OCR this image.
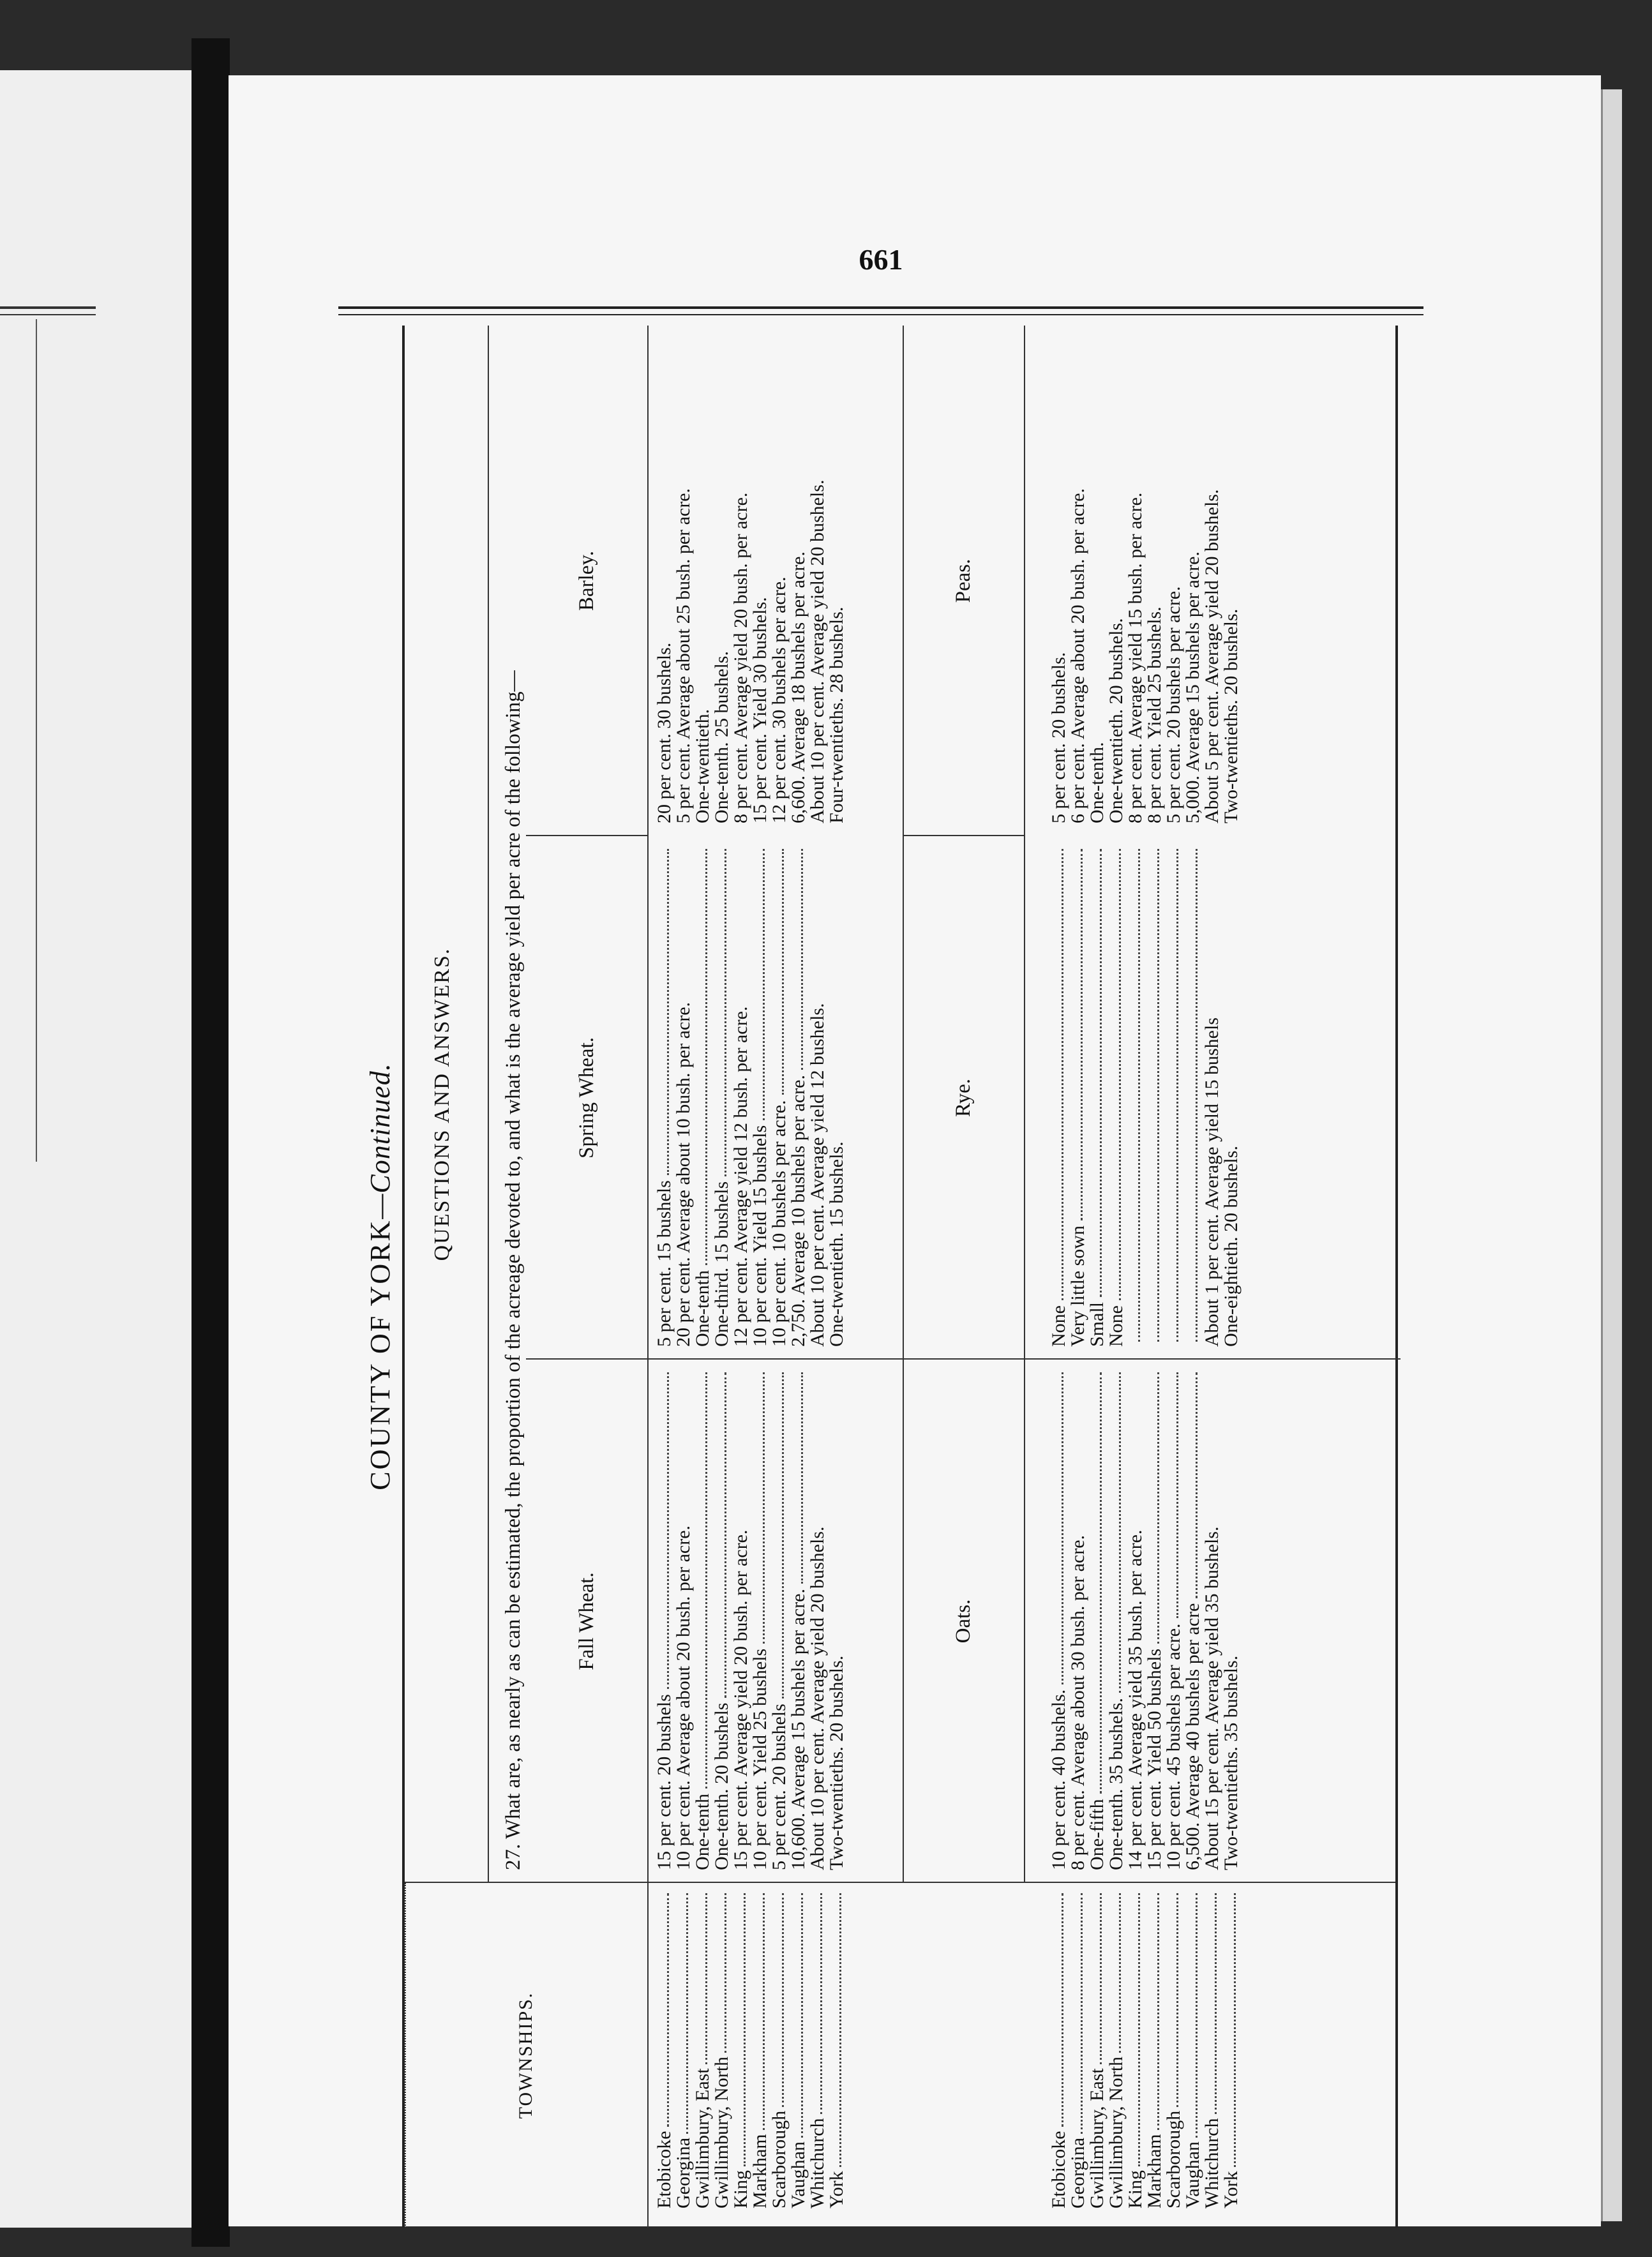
661
COUNTY OF YORK—Continued.
TOWNSHIPS.
QUESTIONS AND ANSWERS. 27. What are, as nearly as can be estimated, the proportion of the acreage devoted to, and what is the average yield per acre of the following—	Fall Wheat.
Spring Wheat.
Barley.
Oats.
Rye.
Peas.
Etobicoke
Georgina
Gwillimbury, East
Gwillimbury, North
King
Markham
Scarborough
Vaughan
Whitchurch
York
15 per cent. 20 bushels
10 per cent. Average about 20 bush. per acre.
One-tenth
One-tenth. 20 bushels
15 per cent. Average yield 20 bush. per acre.
10 per cent. Yield 25 bushels
5 per cent. 20 bushels
10,600. Average 15 bushels per acre.
About 10 per cent. Average yield 20 bushels.
Two-twentieths. 20 bushels.
5 per cent. 15 bushels
20 per cent. Average about 10 bush. per acre.
One-tenth
One-third. 15 bushels
12 per cent. Average yield 12 bush. per acre.
10 per cent. Yield 15 bushels
10 per cent. 10 bushels per acre.
2,750. Average 10 bushels per acre.
About 10 per cent. Average yield 12 bushels.
One-twentieth. 15 bushels.
20 per cent. 30 bushels.
5 per cent. Average about 25 bush. per acre.
One-twentieth.
One-tenth. 25 bushels.
8 per cent. Average yield 20 bush. per acre.
15 per cent. Yield 30 bushels.
12 per cent. 30 bushels per acre.
6,600. Average 18 bushels per acre.
About 10 per cent. Average yield 20 bushels.
Four-twentieths. 28 bushels.
Etobicoke
Georgina
Gwillimbury, East
Gwillimbury, North
King
Markham
Scarborough
Vaughan
Whitchurch
York
10 per cent. 40 bushels.
8 per cent. Average about 30 bush. per acre.
One-fifth
One-tenth. 35 bushels.
14 per cent. Average yield 35 bush. per acre.
15 per cent. Yield 50 bushels
10 per cent. 45 bushels per acre.
6,500. Average 40 bushels per acre
About 15 per cent. Average yield 35 bushels.
Two-twentieths. 35 bushels.
None
Very little sown
Small
None	About 1 per cent. Average yield 15 bushels
One-eightieth. 20 bushels.
5 per cent. 20 bushels.
6 per cent. Average about 20 bush. per acre.
One-tenth.
One-twentieth. 20 bushels.
8 per cent. Average yield 15 bush. per acre.
8 per cent. Yield 25 bushels.
5 per cent. 20 bushels per acre.
5,000. Average 15 bushels per acre.
About 5 per cent. Average yield 20 bushels.
Two-twentieths. 20 bushels.
